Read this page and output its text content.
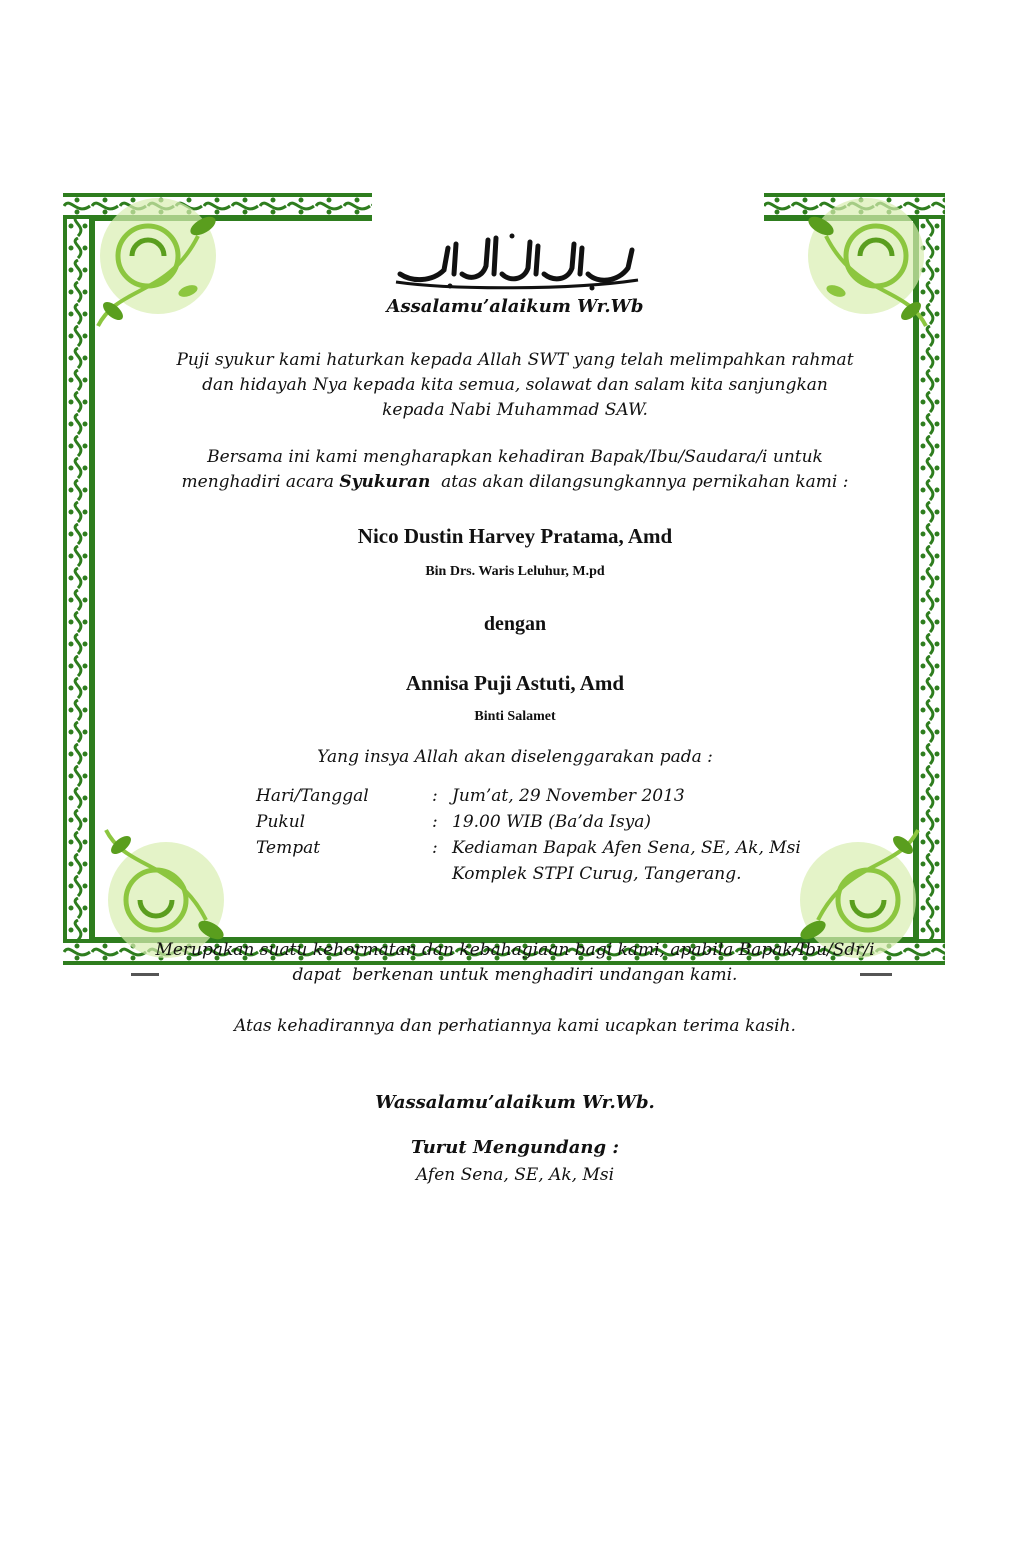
Assalamu’alaikum Wr.Wb
Puji syukur kami haturkan kepada Allah SWT yang telah melimpahkan rahmat
dan hidayah Nya kepada kita semua, solawat dan salam kita sanjungkan
kepada Nabi Muhammad SAW.
Bersama ini kami mengharapkan kehadiran Bapak/Ibu/Saudara/i untuk
menghadiri acara Syukuran  atas akan dilangsungkannya pernikahan kami :
Nico Dustin Harvey Pratama, Amd
Bin Drs. Waris Leluhur, M.pd
dengan
Annisa Puji Astuti, Amd
Binti Salamet
Yang insya Allah akan diselenggarakan pada :
Hari/Tanggal	: Jum’at, 29 November 2013
Pukul	: 19.00 WIB (Ba’da Isya)
Tempat	: Kediaman Bapak Afen Sena, SE, Ak, Msi
Komplek STPI Curug, Tangerang.
Merupakan suatu kehormatan dan kebahagiaan bagi kami, apabila Bapak/Ibu/Sdr/i
dapat  berkenan untuk menghadiri undangan kami.
Atas kehadirannya dan perhatiannya kami ucapkan terima kasih.
Wassalamu’alaikum Wr.Wb.
Turut Mengundang :
Afen Sena, SE, Ak, Msi
